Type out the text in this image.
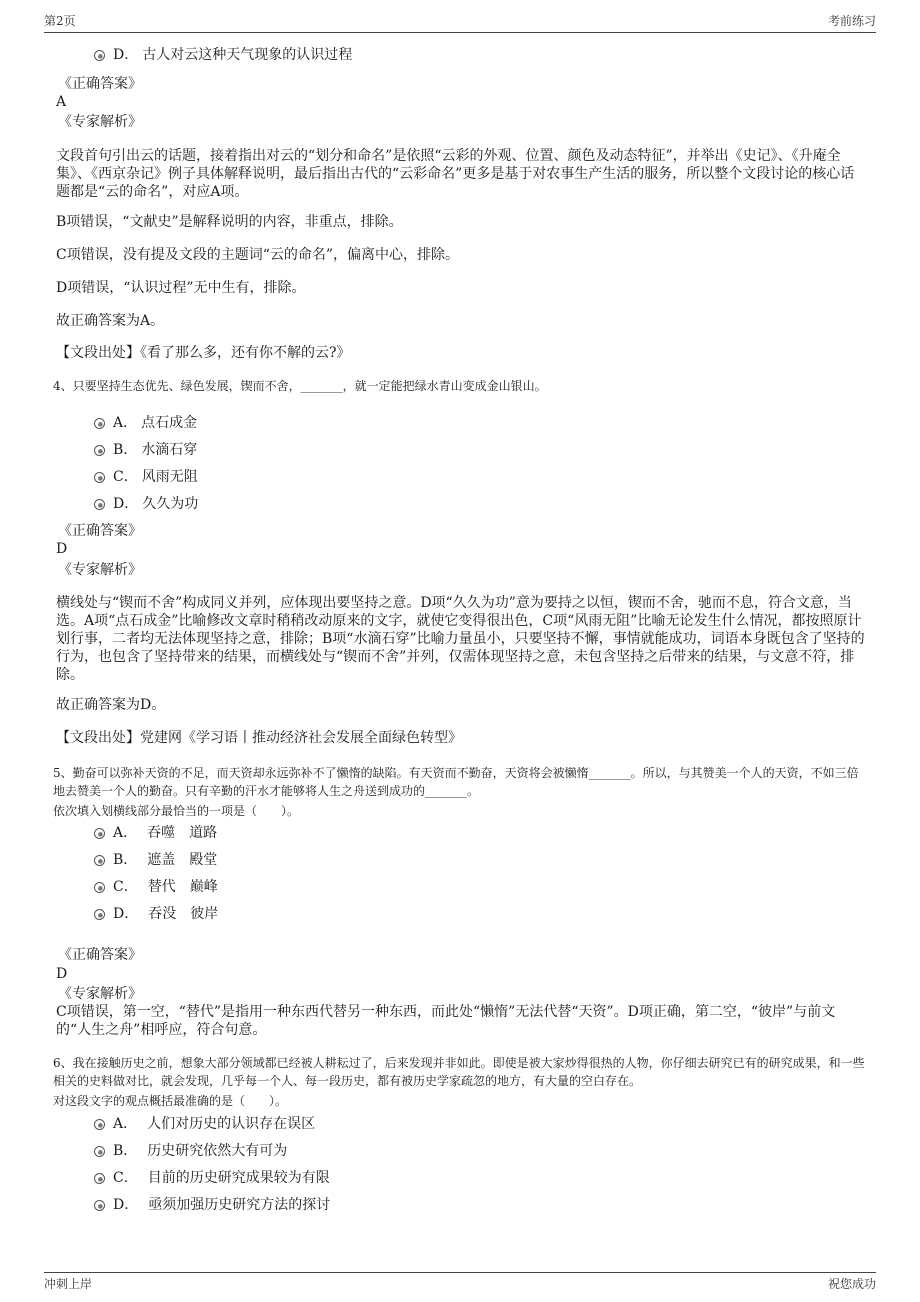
第2页	考前练习
D． 古人对云这种天气现象的认识过程
《正确答案》
A
《专家解析》
文段首句引出云的话题，接着指出对云的“划分和命名”是依照“云彩的外观、位置、颜色及动态特征”，并举出《史记》、《升庵全集》、《西京杂记》例子具体解释说明，最后指出古代的“云彩命名”更多是基于对农事生产生活的服务，所以整个文段讨论的核心话题都是“云的命名”，对应A项。
B项错误，“文献史”是解释说明的内容，非重点，排除。
C项错误，没有提及文段的主题词“云的命名”，偏离中心，排除。
D项错误，“认识过程”无中生有，排除。
故正确答案为A。
【文段出处】《看了那么多，还有你不解的云?》
4、只要坚持生态优先、绿色发展，锲而不舍，_______，就一定能把绿水青山变成金山银山。
A． 点石成金
B． 水滴石穿
C． 风雨无阻
D． 久久为功
《正确答案》
D
《专家解析》
横线处与“锲而不舍”构成同义并列，应体现出要坚持之意。D项“久久为功”意为要持之以恒，锲而不舍，驰而不息，符合文意，当选。A项“点石成金”比喻修改文章时稍稍改动原来的文字，就使它变得很出色，C项“风雨无阻”比喻无论发生什么情况，都按照原计划行事，二者均无法体现坚持之意，排除；B项“水滴石穿”比喻力量虽小，只要坚持不懈，事情就能成功，词语本身既包含了坚持的行为，也包含了坚持带来的结果，而横线处与“锲而不舍”并列，仅需体现坚持之意，未包含坚持之后带来的结果，与文意不符，排除。
故正确答案为D。
【文段出处】党建网《学习语丨推动经济社会发展全面绿色转型》
5、勤奋可以弥补天资的不足，而天资却永远弥补不了懒惰的缺陷。有天资而不勤奋，天资将会被懒惰_______。所以，与其赞美一个人的天资，不如三倍地去赞美一个人的勤奋。只有辛勤的汗水才能够将人生之舟送到成功的_______。
依次填入划横线部分最恰当的一项是（　　）。
A． 吞噬　道路
B． 遮盖　殿堂
C． 替代　巅峰
D． 吞没　彼岸
《正确答案》
D
《专家解析》
C项错误，第一空，“替代”是指用一种东西代替另一种东西，而此处“懒惰”无法代替“天资”。D项正确，第二空，“彼岸”与前文的“人生之舟”相呼应，符合句意。
6、我在接触历史之前，想象大部分领域都已经被人耕耘过了，后来发现并非如此。即使是被大家炒得很热的人物，你仔细去研究已有的研究成果，和一些相关的史料做对比，就会发现，几乎每一个人、每一段历史，都有被历史学家疏忽的地方，有大量的空白存在。
对这段文字的观点概括最准确的是（　　）。
A． 人们对历史的认识存在误区
B． 历史研究依然大有可为
C． 目前的历史研究成果较为有限
D． 亟须加强历史研究方法的探讨
冲刺上岸	祝您成功
